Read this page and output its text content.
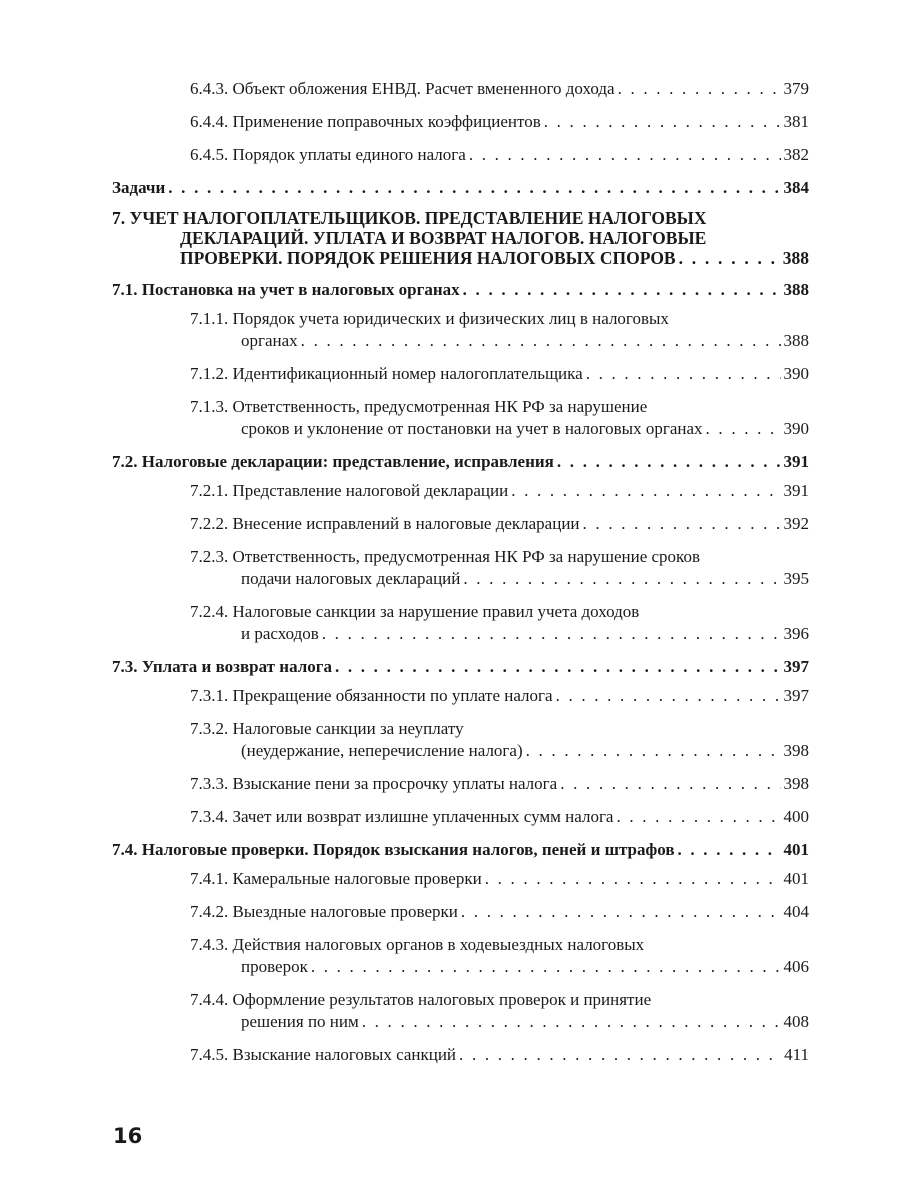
6.4.3. Объект обложения ЕНВД. Расчет вмененного дохода . . .	379
6.4.4. Применение поправочных коэффициентов . . .	381
6.4.5. Порядок уплаты единого налога . . .	382
Задачи . . .	384
7. УЧЕТ НАЛОГОПЛАТЕЛЬЩИКОВ. ПРЕДСТАВЛЕНИЕ НАЛОГОВЫХ
ДЕКЛАРАЦИЙ. УПЛАТА И ВОЗВРАТ НАЛОГОВ. НАЛОГОВЫЕ
ПРОВЕРКИ. ПОРЯДОК РЕШЕНИЯ НАЛОГОВЫХ СПОРОВ . . .	388
7.1. Постановка на учет в налоговых органах . . .	388
7.1.1. Порядок учета юридических и физических лиц в налоговых
органах . . .	388
7.1.2. Идентификационный номер налогоплательщика . . .	390
7.1.3. Ответственность, предусмотренная НК РФ за нарушение
сроков и уклонение от постановки на учет в налоговых органах . . .	390
7.2. Налоговые декларации: представление, исправления . . .	391
7.2.1. Представление налоговой декларации . . .	391
7.2.2. Внесение исправлений в налоговые декларации . . .	392
7.2.3. Ответственность, предусмотренная НК РФ за нарушение сроков
подачи налоговых деклараций . . .	395
7.2.4. Налоговые санкции за нарушение правил учета доходов
и расходов . . .	396
7.3. Уплата и возврат налога . . .	397
7.3.1. Прекращение обязанности по уплате налога . . .	397
7.3.2. Налоговые санкции за неуплату
(неудержание, неперечисление налога) . . .	398
7.3.3. Взыскание пени за просрочку уплаты налога . . .	398
7.3.4. Зачет или возврат излишне уплаченных сумм налога . . .	400
7.4. Налоговые проверки. Порядок взыскания налогов, пеней и штрафов . . .	401
7.4.1. Камеральные налоговые проверки . . .	401
7.4.2. Выездные налоговые проверки . . .	404
7.4.3. Действия налоговых органов в ходевыездных налоговых
проверок . . .	406
7.4.4. Оформление результатов налоговых проверок и принятие
решения по ним . . .	408
7.4.5. Взыскание налоговых санкций . . .	411
16
